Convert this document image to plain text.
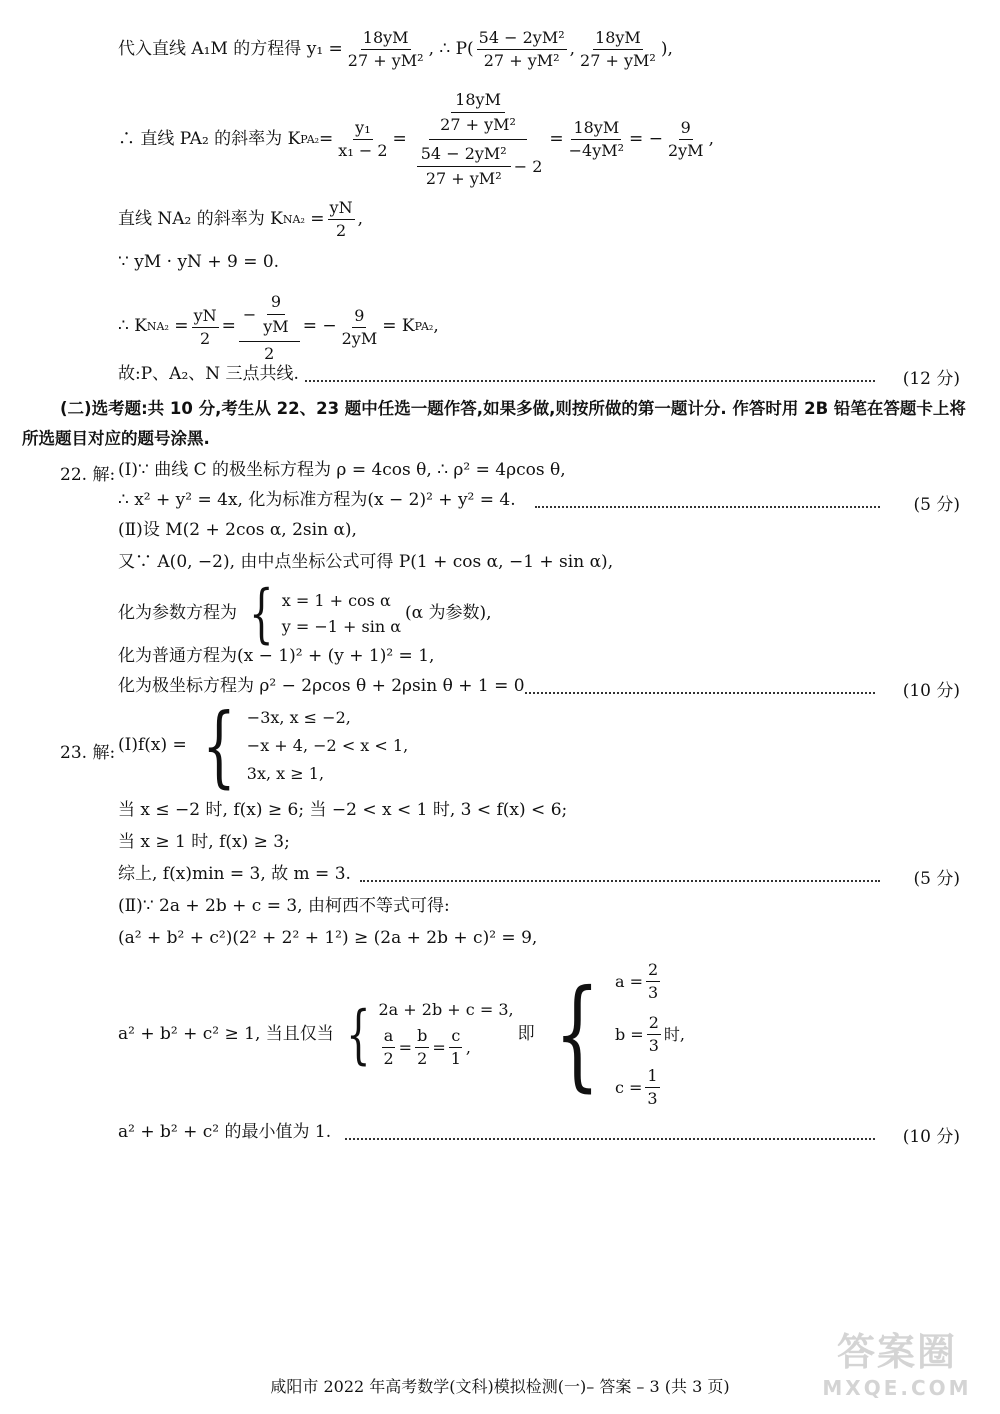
代入直线
A₁M 的方程得 $y_1 = \frac{18yM}{\text{27 + yM²}}$ , ∴ $P( \frac{\text{54 − 2yM²}}{\text{27 + yM²}}$ , $\frac{18yM}{\text{27 + yM²}}$ ),
∴ 直线 PA₂ 的斜率为 K $PA_2 = \frac{\text{y₁}}{\text{x₁ − 2}} = \frac{\frac{18yM}{\text{27 + yM²}}}{\frac{\text{54 − 2yM²}}{\text{27 + yM²}} - 2} = \frac{18yM}{\text{−4yM²}}$ = − $\frac{9}{2yM}$ ,
直线 NA₂ 的斜率为 K $NA_2 = \frac{yN}{2}$ ,
∵ yM · yN + 9 = 0.
∴ K $NA_2 = \frac{yN}{2} = \frac{- \frac{9}{yM}}{2}$ = − $\frac{9}{2yM} = K$ PA₂ ,
故:P、A₂、N 三点共线.	(12 分)
(二)选考题:共 10 分,考生从 22、23 题中任选一题作答,如果多做,则按所做的第一题计分. 作答时用 2B 铅笔在答题卡上将所选题目对应的题号涂黑.
22. 解: (Ⅰ)∵ 曲线 C 的极坐标方程为 ρ = 4cos θ, ∴ ρ² = 4ρcos θ,
∴ x² + y² = 4x, 化为标准方程为(x − 2)² + y² = 4.	(5 分)
(Ⅱ)设 M(2 + 2cos α, 2sin α),
又∵ A(0, −2), 由中点坐标公式可得 P(1 + cos α, −1 + sin α),
化为参数方程为 { x = 1 + cos α
y = −1 + sin α
(α 为参数),
化为普通方程为(x − 1)² + (y + 1)² = 1,
化为极坐标方程为 ρ² − 2ρcos θ + 2ρsin θ + 1 = 0	(10 分)
23. 解: (Ⅰ)f(x) = { −3x, x ≤ −2,
−x + 4, −2 < x < 1,
3x, x ≥ 1,
当 x ≤ −2 时, f(x) ≥ 6; 当 −2 < x < 1 时, 3 < f(x) < 6;
当 x ≥ 1 时, f(x) ≥ 3;
综上, f(x)min = 3, 故 m = 3.	(5 分)
(Ⅱ)∵ 2a + 2b + c = 3, 由柯西不等式可得:
(a² + b² + c²)(2² + 2² + 1²) ≥ (2a + 2b + c)² = 9,
a² + b² + c² ≥ 1, 当且仅当 { 2a + 2b + c = 3,
$\frac{a}{2} = \frac{b}{2} = \frac{c}{1}$ ,
即 { $a = \frac{2}{3}$
$b = \frac{2}{3}$ 时,
$c = \frac{1}{3}$
a² + b² + c² 的最小值为 1.	(10 分)
咸阳市 2022 年高考数学(文科)模拟检测(一)– 答案 – 3 (共 3 页)
答案圈
MXQE.COM
